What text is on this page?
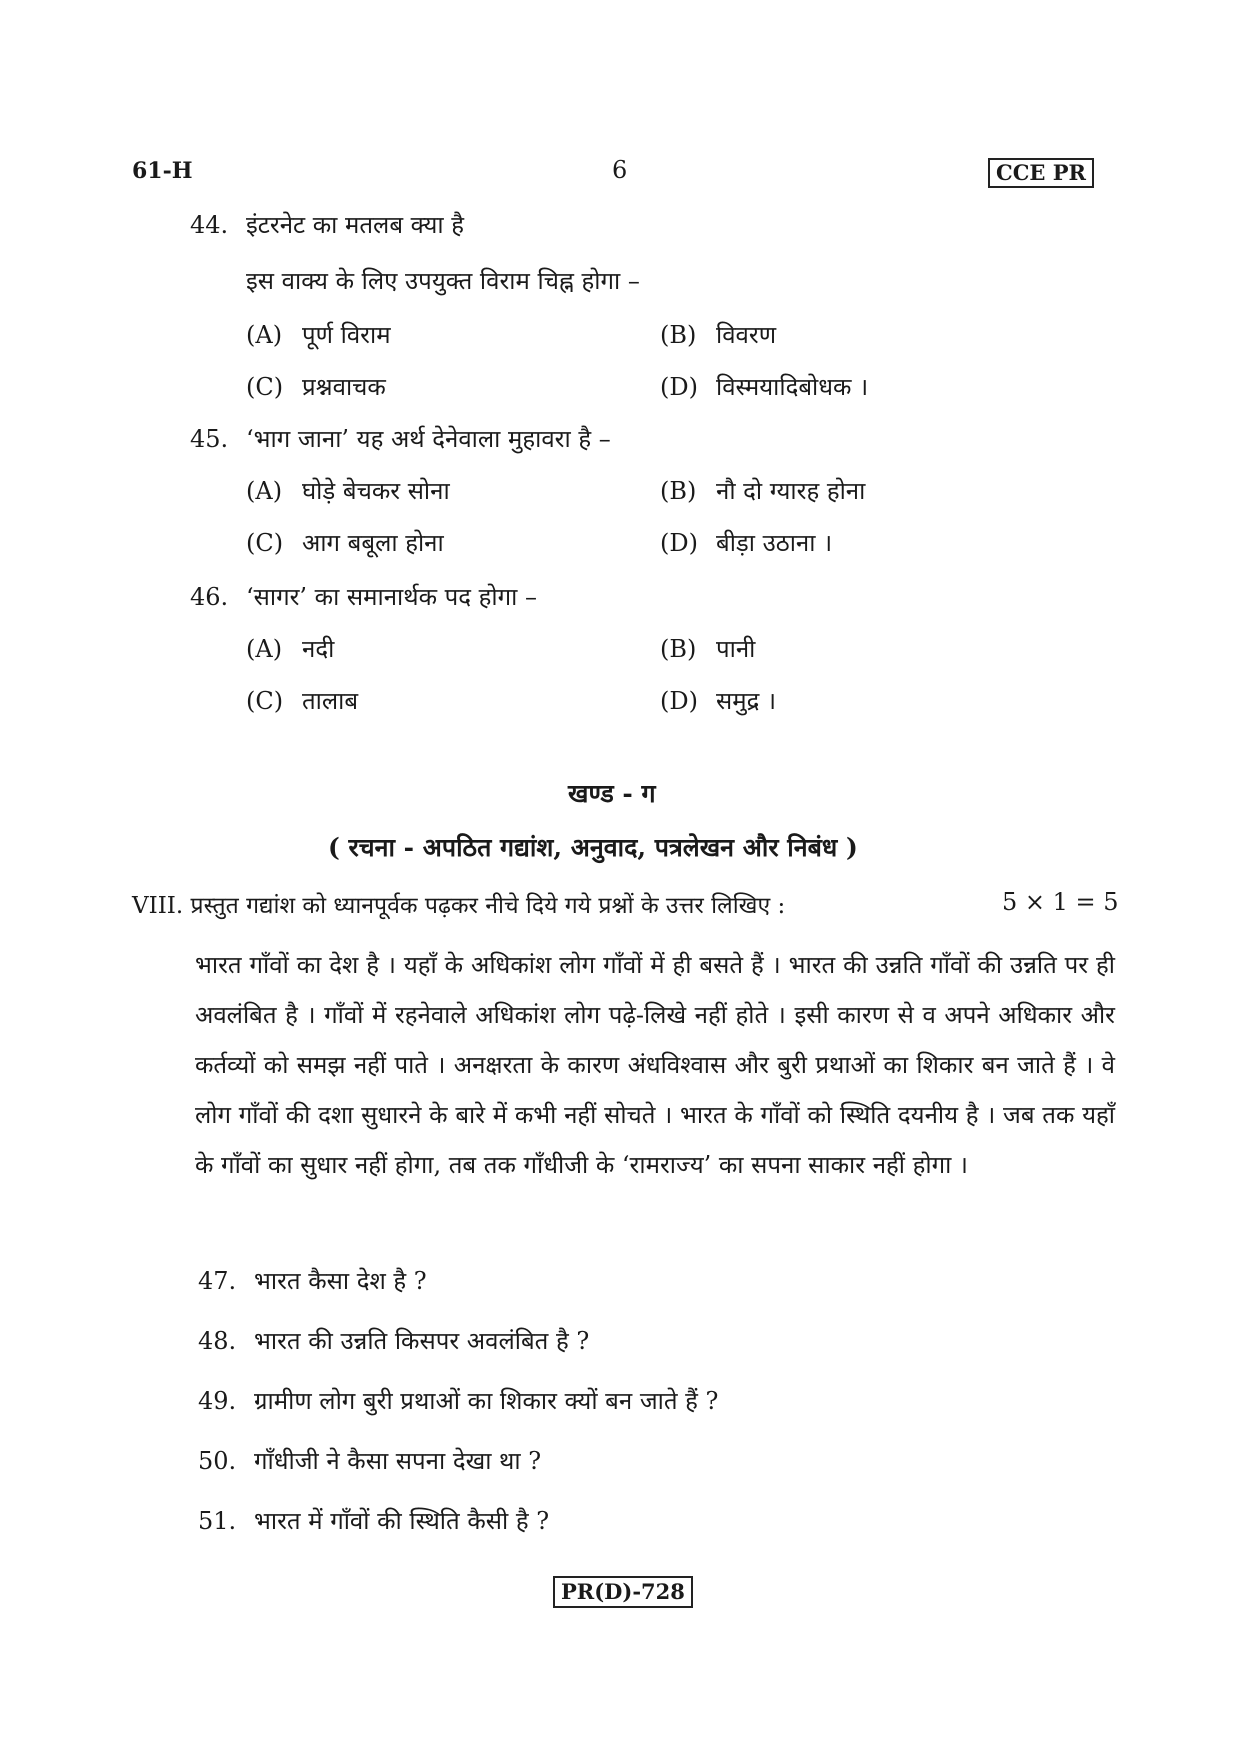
61-H	6	CCE PR
44. इंटरनेट का मतलब क्या है
इस वाक्य के लिए उपयुक्त विराम चिह्न होगा –
(A) पूर्ण विराम	(B) विवरण
(C) प्रश्नवाचक	(D) विस्मयादिबोधक ।
45. ‘भाग जाना’ यह अर्थ देनेवाला मुहावरा है –
(A) घोड़े बेचकर सोना	(B) नौ दो ग्यारह होना
(C) आग बबूला होना	(D) बीड़ा उठाना ।
46. ‘सागर’ का समानार्थक पद होगा –
(A) नदी	(B) पानी
(C) तालाब	(D) समुद्र ।
खण्ड - ग
( रचना - अपठित गद्यांश, अनुवाद, पत्रलेखन और निबंध )
VIII. प्रस्तुत गद्यांश को ध्यानपूर्वक पढ़कर नीचे दिये गये प्रश्नों के उत्तर लिखिए :	5 × 1 = 5
भारत गाँवों का देश है । यहाँ के अधिकांश लोग गाँवों में ही बसते हैं । भारत की उन्नति गाँवों की उन्नति पर ही अवलंबित है । गाँवों में रहनेवाले अधिकांश लोग पढ़े-लिखे नहीं होते । इसी कारण से व अपने अधिकार और कर्तव्यों को समझ नहीं पाते । अनक्षरता के कारण अंधविश्वास और बुरी प्रथाओं का शिकार बन जाते हैं । वे लोग गाँवों की दशा सुधारने के बारे में कभी नहीं सोचते । भारत के गाँवों को स्थिति दयनीय है । जब तक यहाँ के गाँवों का सुधार नहीं होगा, तब तक गाँधीजी के ‘रामराज्य’ का सपना साकार नहीं होगा ।
47. भारत कैसा देश है ?
48. भारत की उन्नति किसपर अवलंबित है ?
49. ग्रामीण लोग बुरी प्रथाओं का शिकार क्यों बन जाते हैं ?
50. गाँधीजी ने कैसा सपना देखा था ?
51. भारत में गाँवों की स्थिति कैसी है ?
PR(D)-728
